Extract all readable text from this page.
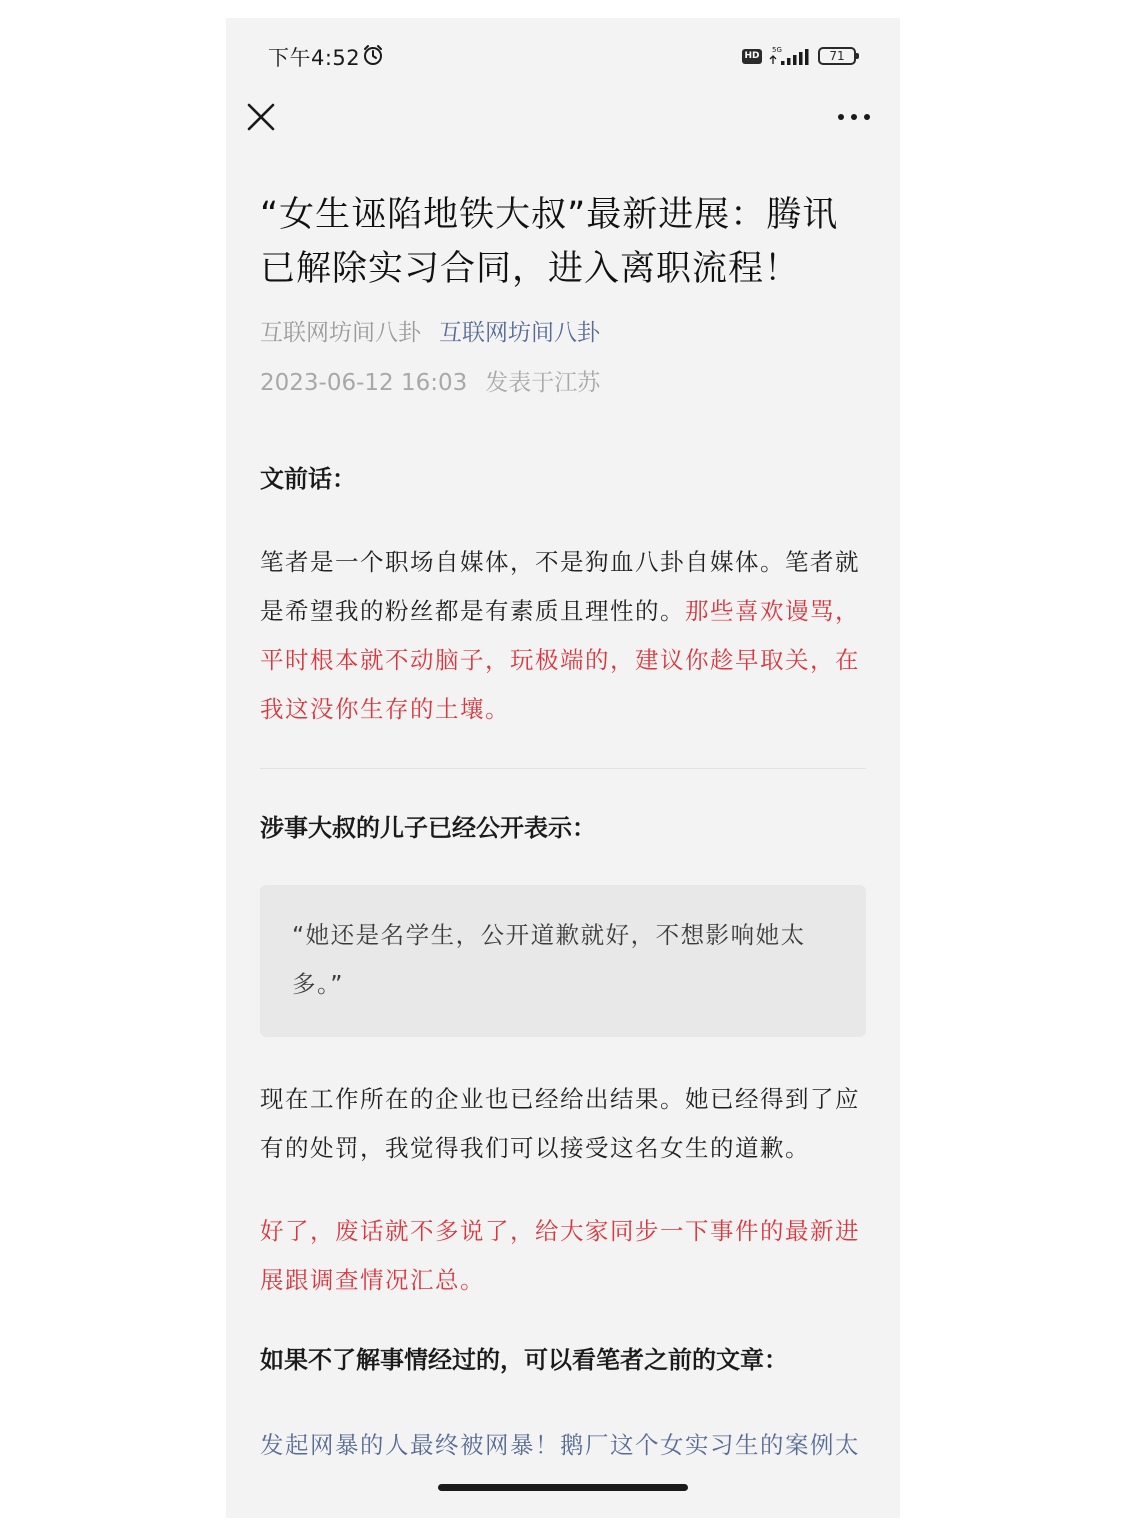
下午4:52	HD
5G	71
“女生诬陷地铁大叔”最新进展：腾讯已解除实习合同，进入离职流程！
互联网坊间八卦 互联网坊间八卦
2023-06-12 16:03 发表于江苏
文前话：

笔者是一个职场自媒体，不是狗血八卦自媒体。笔者就是希望我的粉丝都是有素质且理性的。那些喜欢谩骂，平时根本就不动脑子，玩极端的，建议你趁早取关，在我这没你生存的土壤。

涉事大叔的儿子已经公开表示：
“她还是名学生，公开道歉就好，不想影响她太多。”

现在工作所在的企业也已经给出结果。她已经得到了应有的处罚，我觉得我们可以接受这名女生的道歉。

好了，废话就不多说了，给大家同步一下事件的最新进展跟调查情况汇总。

如果不了解事情经过的，可以看笔者之前的文章：

发起网暴的人最终被网暴！鹅厂这个女实习生的案例太
